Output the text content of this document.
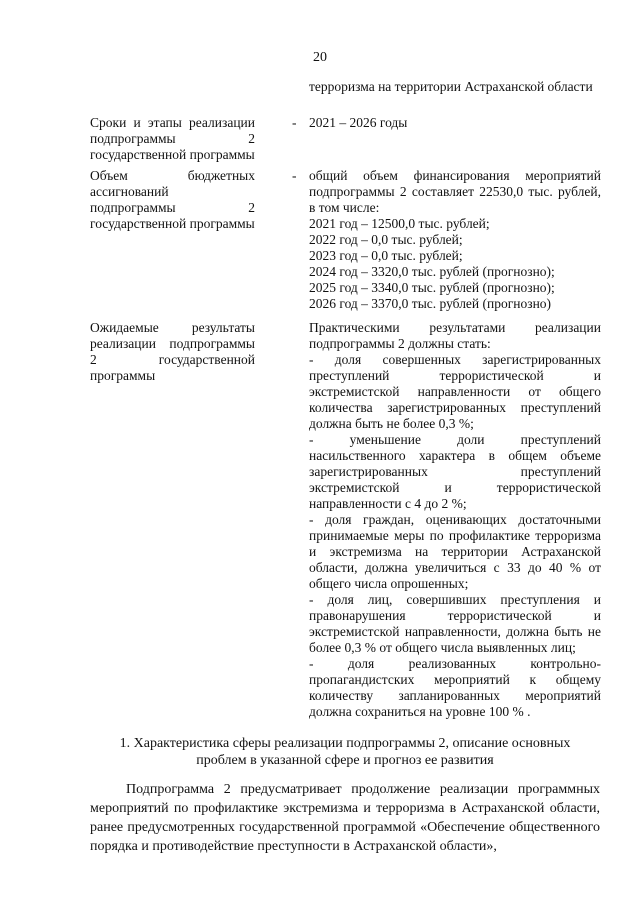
20
терроризма на территории Астраханской области
Сроки и этапы реализации подпрограммы 2 государственной программы
- 2021 – 2026 годы
Объем бюджетных ассигнований подпрограммы 2 государственной программы
- общий объем финансирования мероприятий подпрограммы 2 составляет 22530,0 тыс. рублей, в том числе:
2021 год – 12500,0 тыс. рублей;
2022 год – 0,0 тыс. рублей;
2023 год – 0,0 тыс. рублей;
2024 год – 3320,0 тыс. рублей (прогнозно);
2025 год – 3340,0 тыс. рублей (прогнозно);
2026 год – 3370,0 тыс. рублей (прогнозно)
Ожидаемые результаты реализации подпрограммы 2 государственной программы
Практическими результатами реализации подпрограммы 2 должны стать:
- доля совершенных зарегистрированных преступлений террористической и экстремистской направленности от общего количества зарегистрированных преступлений должна быть не более 0,3 %;
- уменьшение доли преступлений насильственного характера в общем объеме зарегистрированных преступлений экстремистской и террористической направленности с 4 до 2 %;
- доля граждан, оценивающих достаточными принимаемые меры по профилактике терроризма и экстремизма на территории Астраханской области, должна увеличиться с 33 до 40 % от общего числа опрошенных;
- доля лиц, совершивших преступления и правонарушения террористической и экстремистской направленности, должна быть не более 0,3 % от общего числа выявленных лиц;
- доля реализованных контрольно-пропагандистских мероприятий к общему количеству запланированных мероприятий должна сохраниться на уровне 100 % .
1. Характеристика сферы реализации подпрограммы 2, описание основных проблем в указанной сфере и прогноз ее развития
Подпрограмма 2 предусматривает продолжение реализации программных мероприятий по профилактике экстремизма и терроризма в Астраханской области, ранее предусмотренных государственной программой «Обеспечение общественного порядка и противодействие преступности в Астраханской области»,
